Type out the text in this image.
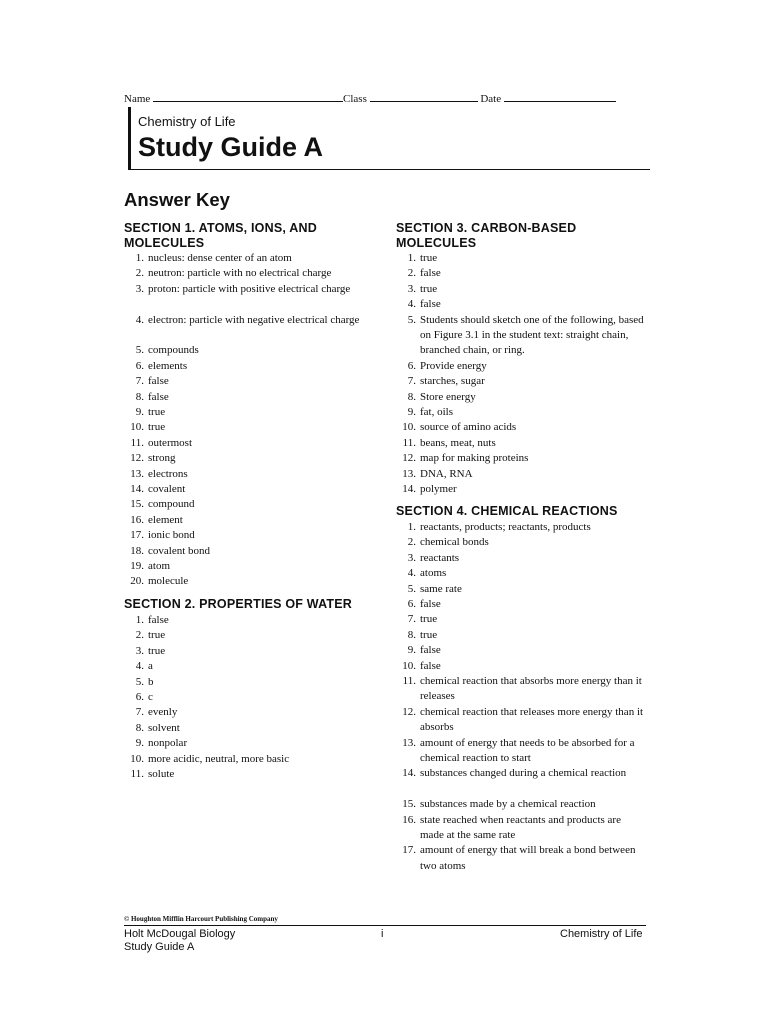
Name	Class	Date
Chemistry of Life
Study Guide A
Answer Key
SECTION 1. ATOMS, IONS, AND MOLECULES
1. nucleus: dense center of an atom
2. neutron: particle with no electrical charge
3. proton: particle with positive electrical charge
4. electron: particle with negative electrical charge
5. compounds
6. elements
7. false
8. false
9. true
10. true
11. outermost
12. strong
13. electrons
14. covalent
15. compound
16. element
17. ionic bond
18. covalent bond
19. atom
20. molecule
SECTION 2. PROPERTIES OF WATER
1. false
2. true
3. true
4. a
5. b
6. c
7. evenly
8. solvent
9. nonpolar
10. more acidic, neutral, more basic
11. solute
SECTION 3. CARBON-BASED MOLECULES
1. true
2. false
3. true
4. false
5. Students should sketch one of the following, based on Figure 3.1 in the student text: straight chain, branched chain, or ring.
6. Provide energy
7. starches, sugar
8. Store energy
9. fat, oils
10. source of amino acids
11. beans, meat, nuts
12. map for making proteins
13. DNA, RNA
14. polymer
SECTION 4. CHEMICAL REACTIONS
1. reactants, products; reactants, products
2. chemical bonds
3. reactants
4. atoms
5. same rate
6. false
7. true
8. true
9. false
10. false
11. chemical reaction that absorbs more energy than it releases
12. chemical reaction that releases more energy than it absorbs
13. amount of energy that needs to be absorbed for a chemical reaction to start
14. substances changed during a chemical reaction
15. substances made by a chemical reaction
16. state reached when reactants and products are made at the same rate
17. amount of energy that will break a bond between two atoms
© Houghton Mifflin Harcourt Publishing Company
Holt McDougal Biology
Study Guide A
i	Chemistry of Life
